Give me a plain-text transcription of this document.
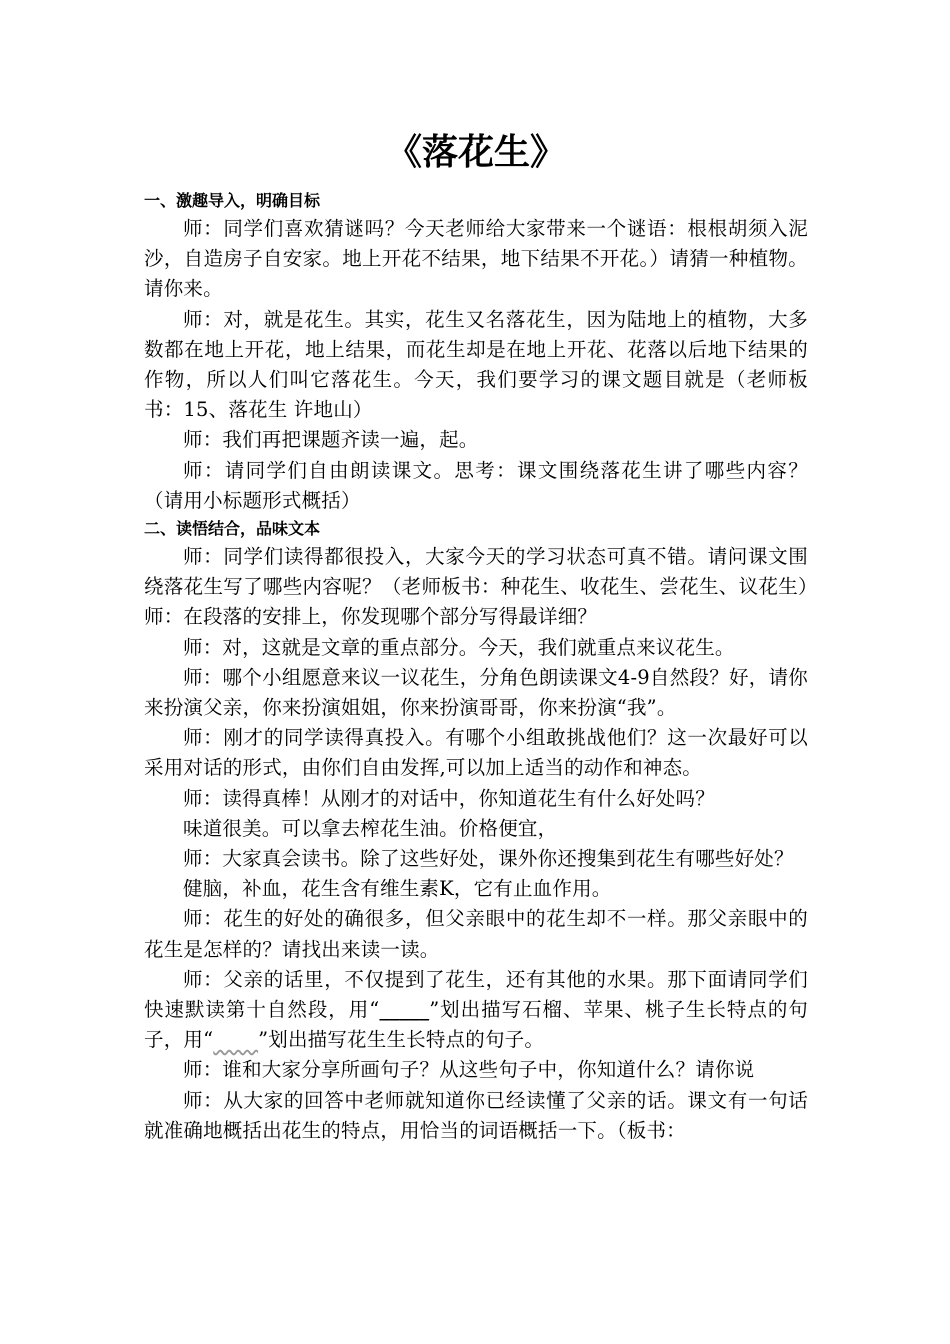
《落花生》
一、激趣导入，明确目标

师：同学们喜欢猜谜吗？今天老师给大家带来一个谜语：根根胡须入泥沙，自造房子自安家。地上开花不结果，地下结果不开花。）请猜一种植物。请你来。

师：对，就是花生。其实，花生又名落花生，因为陆地上的植物，大多数都在地上开花，地上结果，而花生却是在地上开花、花落以后地下结果的作物，所以人们叫它落花生。今天，我们要学习的课文题目就是（老师板书：15、落花生 许地山）

师：我们再把课题齐读一遍，起。

师：请同学们自由朗读课文。思考：课文围绕落花生讲了哪些内容？（请用小标题形式概括）

二、读悟结合，品味文本

师：同学们读得都很投入，大家今天的学习状态可真不错。请问课文围绕落花生写了哪些内容呢？（老师板书：种花生、收花生、尝花生、议花生）师：在段落的安排上，你发现哪个部分写得最详细？

师：对，这就是文章的重点部分。今天，我们就重点来议花生。

师：哪个小组愿意来议一议花生，分角色朗读课文4-9自然段？好，请你来扮演父亲，你来扮演姐姐，你来扮演哥哥，你来扮演“我”。

师：刚才的同学读得真投入。有哪个小组敢挑战他们？这一次最好可以采用对话的形式，由你们自由发挥,可以加上适当的动作和神态。

师：读得真棒！从刚才的对话中，你知道花生有什么好处吗？

味道很美。可以拿去榨花生油。价格便宜，

师：大家真会读书。除了这些好处，课外你还搜集到花生有哪些好处？

健脑，补血，花生含有维生素K，它有止血作用。

师：花生的好处的确很多，但父亲眼中的花生却不一样。那父亲眼中的花生是怎样的？请找出来读一读。

师：父亲的话里，不仅提到了花生，还有其他的水果。那下面请同学们快速默读第十自然段，用“_____”划出描写石榴、苹果、桃子生长特点的句子，用“ ”划出描写花生生长特点的句子。

师：谁和大家分享所画句子？从这些句子中，你知道什么？请你说

师：从大家的回答中老师就知道你已经读懂了父亲的话。课文有一句话就准确地概括出花生的特点，用恰当的词语概括一下。（板书：
